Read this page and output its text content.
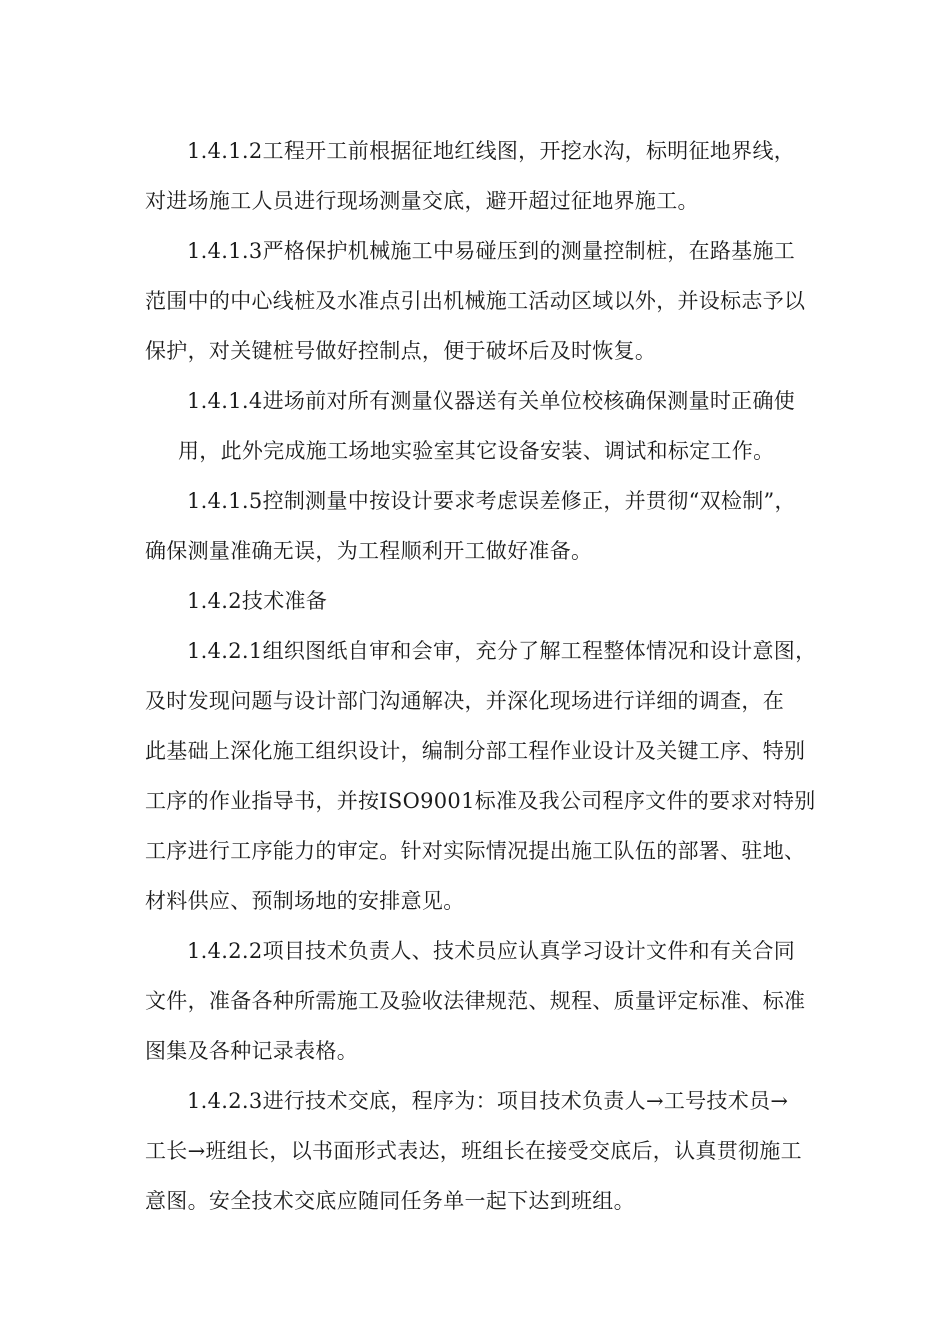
1.4.1.2工程开工前根据征地红线图，开挖水沟，标明征地界线，
对进场施工人员进行现场测量交底，避开超过征地界施工。
1.4.1.3严格保护机械施工中易碰压到的测量控制桩，在路基施工
范围中的中心线桩及水准点引出机械施工活动区域以外，并设标志予以
保护，对关键桩号做好控制点，便于破坏后及时恢复。
1.4.1.4进场前对所有测量仪器送有关单位校核确保测量时正确使
用，此外完成施工场地实验室其它设备安装、调试和标定工作。
1.4.1.5控制测量中按设计要求考虑误差修正，并贯彻“双检制”，
确保测量准确无误，为工程顺利开工做好准备。
1.4.2技术准备
1.4.2.1组织图纸自审和会审，充分了解工程整体情况和设计意图，
及时发现问题与设计部门沟通解决，并深化现场进行详细的调查，在
此基础上深化施工组织设计，编制分部工程作业设计及关键工序、特别
工序的作业指导书，并按ISO9001标准及我公司程序文件的要求对特别
工序进行工序能力的审定。针对实际情况提出施工队伍的部署、驻地、
材料供应、预制场地的安排意见。
1.4.2.2项目技术负责人、技术员应认真学习设计文件和有关合同
文件，准备各种所需施工及验收法律规范、规程、质量评定标准、标准
图集及各种记录表格。
1.4.2.3进行技术交底，程序为：项目技术负责人→工号技术员→
工长→班组长，以书面形式表达，班组长在接受交底后，认真贯彻施工
意图。安全技术交底应随同任务单一起下达到班组。
